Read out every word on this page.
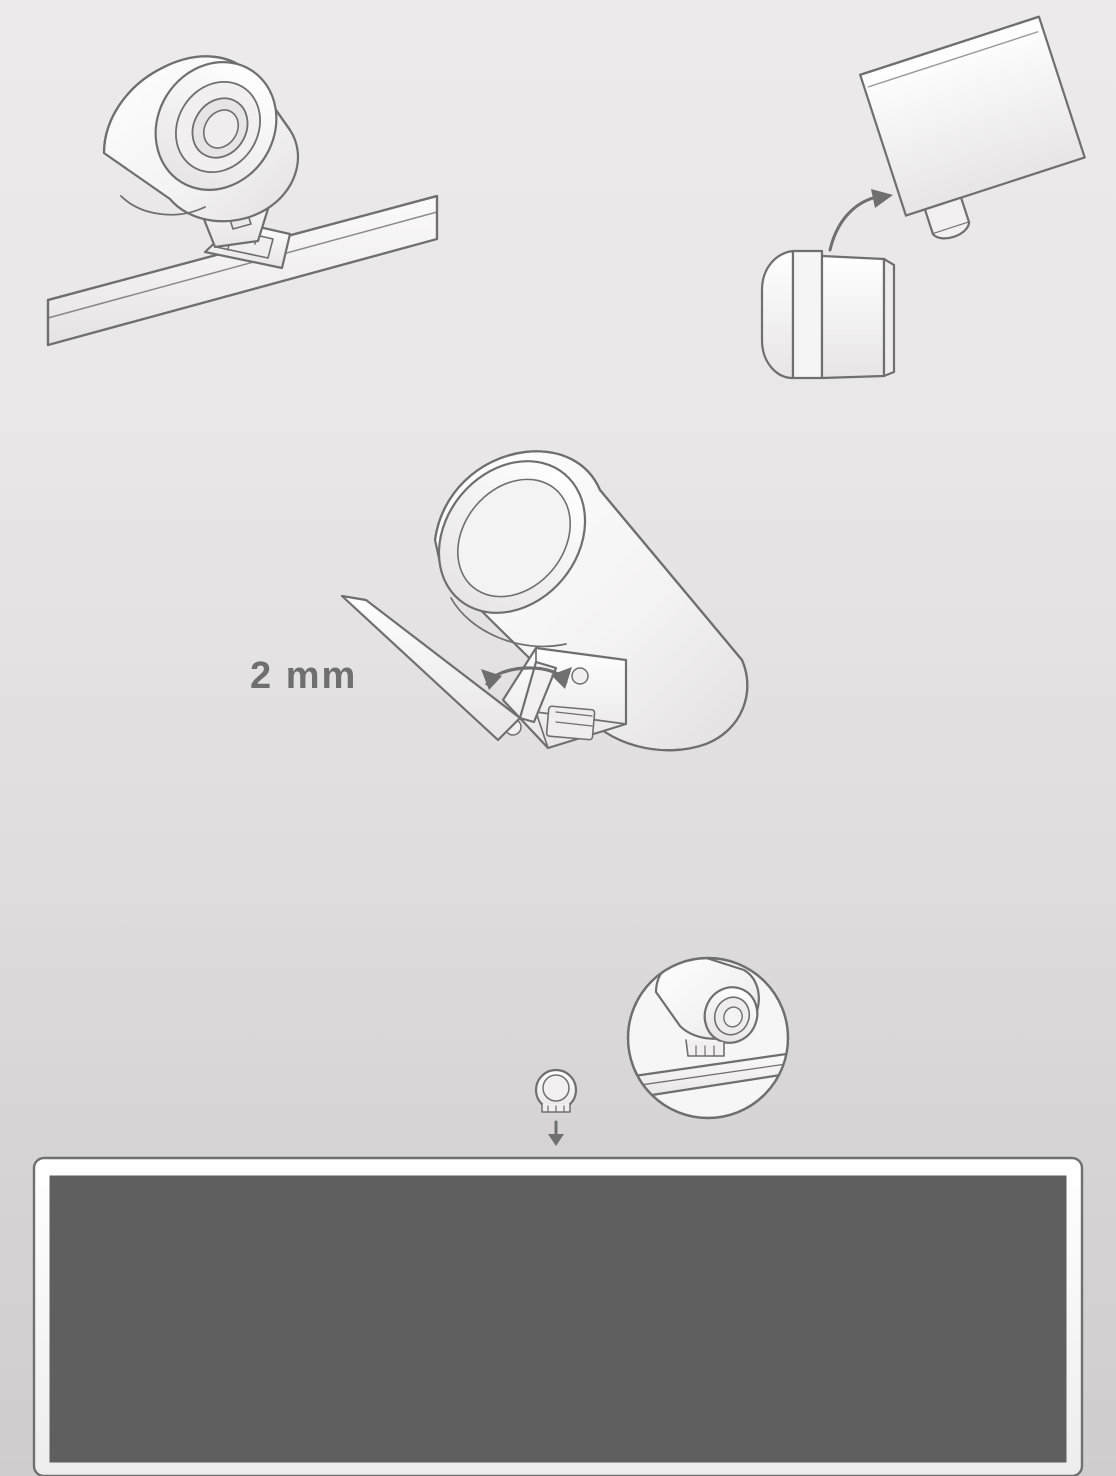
2 mm
